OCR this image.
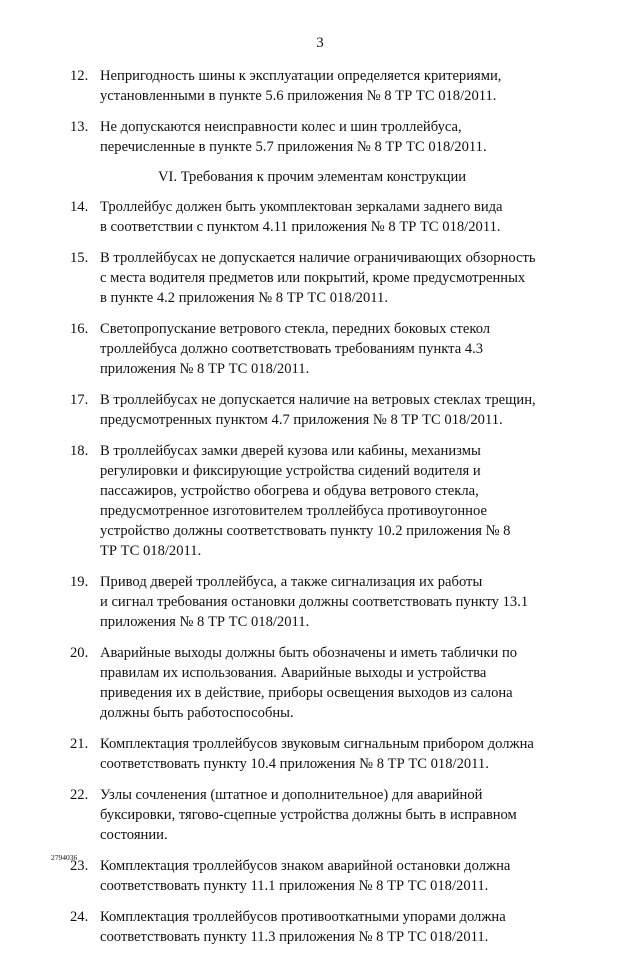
3
12. Непригодность шины к эксплуатации определяется критериями,
установленными в пункте 5.6 приложения № 8 ТР ТС 018/2011.
13. Не допускаются неисправности колес и шин троллейбуса,
перечисленные в пункте 5.7 приложения № 8 ТР ТС 018/2011.
VI. Требования к прочим элементам конструкции
14. Троллейбус должен быть укомплектован зеркалами заднего вида
в соответствии с пунктом 4.11 приложения № 8 ТР ТС 018/2011.
15. В троллейбусах не допускается наличие ограничивающих обзорность
с места водителя предметов или покрытий, кроме предусмотренных
в пункте 4.2 приложения № 8 ТР ТС 018/2011.
16. Светопропускание ветрового стекла, передних боковых стекол
троллейбуса должно соответствовать требованиям пункта 4.3
приложения № 8 ТР ТС 018/2011.
17. В троллейбусах не допускается наличие на ветровых стеклах трещин,
предусмотренных пунктом 4.7 приложения № 8 ТР ТС 018/2011.
18. В троллейбусах замки дверей кузова или кабины, механизмы
регулировки и фиксирующие устройства сидений водителя и
пассажиров, устройство обогрева и обдува ветрового стекла,
предусмотренное изготовителем троллейбуса противоугонное
устройство должны соответствовать пункту 10.2 приложения № 8
ТР ТС 018/2011.
19. Привод дверей троллейбуса, а также сигнализация их работы
и сигнал требования остановки должны соответствовать пункту 13.1
приложения № 8 ТР ТС 018/2011.
20. Аварийные выходы должны быть обозначены и иметь таблички по
правилам их использования. Аварийные выходы и устройства
приведения их в действие, приборы освещения выходов из салона
должны быть работоспособны.
21. Комплектация троллейбусов звуковым сигнальным прибором должна
соответствовать пункту 10.4 приложения № 8 ТР ТС 018/2011.
22. Узлы сочленения (штатное и дополнительное) для аварийной
буксировки, тягово-сцепные устройства должны быть в исправном
состоянии.
23. Комплектация троллейбусов знаком аварийной остановки должна
соответствовать пункту 11.1 приложения № 8 ТР ТС 018/2011.
24. Комплектация троллейбусов противооткатными упорами должна
соответствовать пункту 11.3 приложения № 8 ТР ТС 018/2011.
2794036
